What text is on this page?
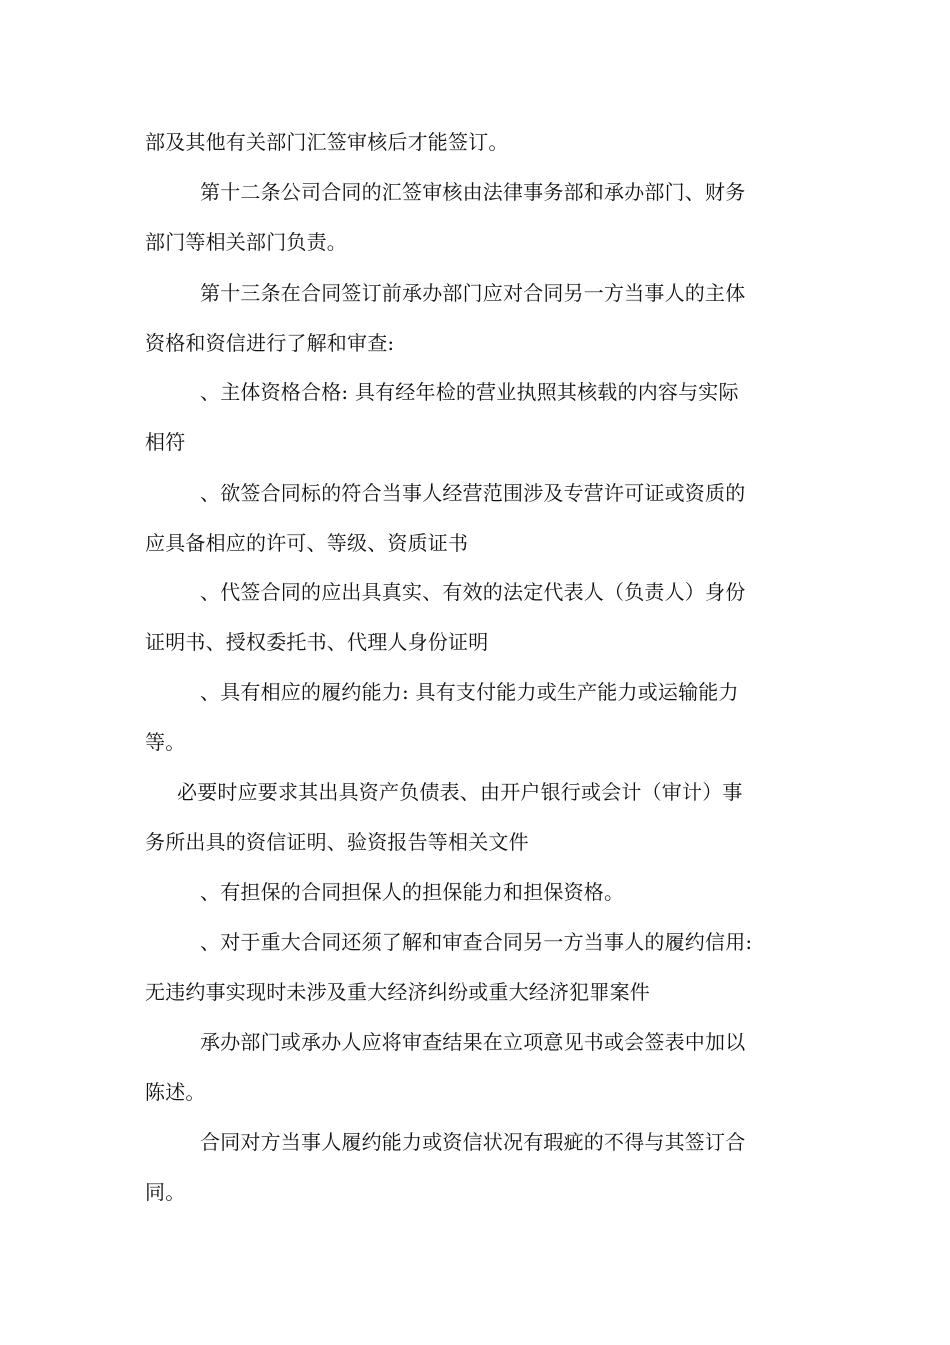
部及其他有关部门汇签审核后才能签订。
第十二条公司合同的汇签审核由法律事务部和承办部门、财务
部门等相关部门负责。
第十三条在合同签订前承办部门应对合同另一方当事人的主体
资格和资信进行了解和审查:
、主体资格合格: 具有经年检的营业执照其核载的内容与实际
相符
、欲签合同标的符合当事人经营范围涉及专营许可证或资质的
应具备相应的许可、等级、资质证书
、代签合同的应出具真实、有效的法定代表人（负责人）身份
证明书、授权委托书、代理人身份证明
、具有相应的履约能力: 具有支付能力或生产能力或运输能力
等。
必要时应要求其出具资产负债表、由开户银行或会计（审计）事
务所出具的资信证明、验资报告等相关文件
、有担保的合同担保人的担保能力和担保资格。
、对于重大合同还须了解和审查合同另一方当事人的履约信用:
无违约事实现时未涉及重大经济纠纷或重大经济犯罪案件
承办部门或承办人应将审查结果在立项意见书或会签表中加以
陈述。
合同对方当事人履约能力或资信状况有瑕疵的不得与其签订合
同。
